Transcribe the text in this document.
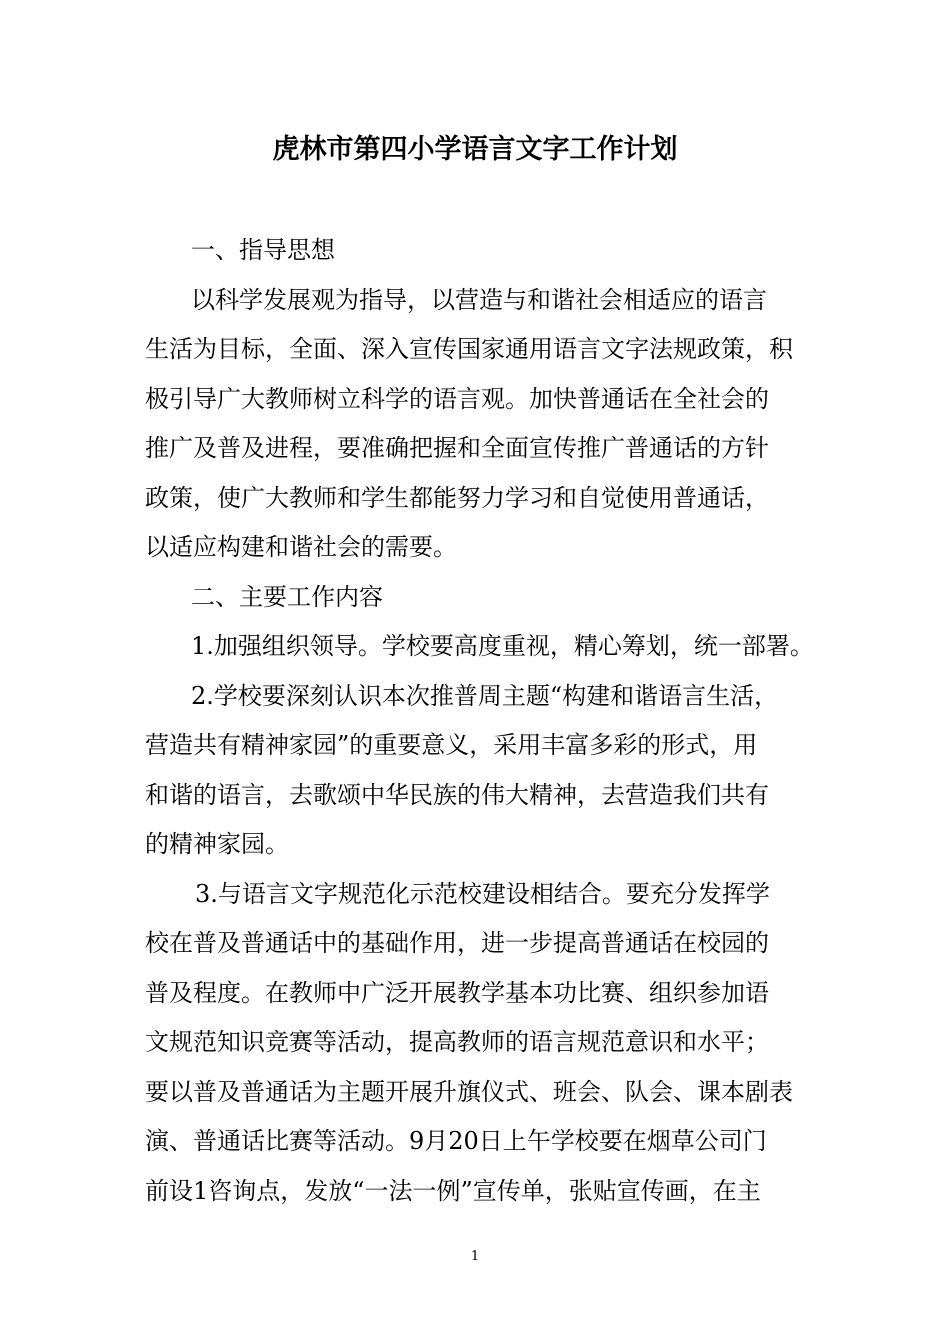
虎林市第四小学语言文字工作计划
一、指导思想
以科学发展观为指导，以营造与和谐社会相适应的语言
生活为目标，全面、深入宣传国家通用语言文字法规政策，积
极引导广大教师树立科学的语言观。加快普通话在全社会的
推广及普及进程，要准确把握和全面宣传推广普通话的方针
政策，使广大教师和学生都能努力学习和自觉使用普通话，
以适应构建和谐社会的需要。
二、主要工作内容
1.加强组织领导。学校要高度重视，精心筹划，统一部署。
2.学校要深刻认识本次推普周主题“构建和谐语言生活，
营造共有精神家园”的重要意义，采用丰富多彩的形式，用
和谐的语言，去歌颂中华民族的伟大精神，去营造我们共有
的精神家园。
3.与语言文字规范化示范校建设相结合。要充分发挥学
校在普及普通话中的基础作用，进一步提高普通话在校园的
普及程度。在教师中广泛开展教学基本功比赛、组织参加语
文规范知识竞赛等活动，提高教师的语言规范意识和水平；
要以普及普通话为主题开展升旗仪式、班会、队会、课本剧表
演、普通话比赛等活动。9月20日上午学校要在烟草公司门
前设1咨询点，发放“一法一例”宣传单，张贴宣传画，在主
1
